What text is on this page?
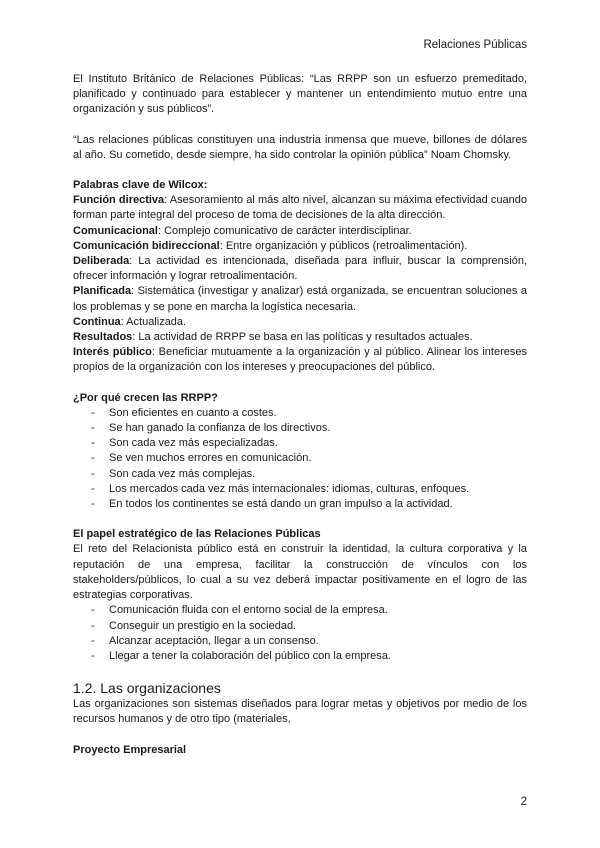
Relaciones Públicas

El Instituto Británico de Relaciones Públicas: “Las RRPP son un esfuerzo premeditado, planificado y continuado para establecer y mantener un entendimiento mutuo entre una organización y sus públicos”.

“Las relaciones públicas constituyen una industria inmensa que mueve, billones de dólares al año. Su cometido, desde siempre, ha sido controlar la opinión pública” Noam Chomsky.

Palabras clave de Wilcox:

Función directiva: Asesoramiento al más alto nivel, alcanzan su máxima efectividad cuando forman parte integral del proceso de toma de decisiones de la alta dirección.

Comunicacional: Complejo comunicativo de carácter interdisciplinar.

Comunicación bidireccional: Entre organización y públicos (retroalimentación).

Deliberada: La actividad es intencionada, diseñada para influir, buscar la comprensión, ofrecer información y lograr retroalimentación.

Planificada: Sistemática (investigar y analizar) está organizada, se encuentran soluciones a los problemas y se pone en marcha la logística necesaria.

Continua: Actualizada.

Resultados: La actividad de RRPP se basa en las políticas y resultados actuales.

Interés público: Beneficiar mutuamente a la organización y al público. Alinear los intereses propios de la organización con los intereses y preocupaciones del público.

¿Por qué crecen las RRPP?

- Son eficientes en cuanto a costes.
- Se han ganado la confianza de los directivos.
- Son cada vez más especializadas.
- Se ven muchos errores en comunicación.
- Son cada vez más complejas.
- Los mercados cada vez más internacionales: idiomas, culturas, enfoques.
- En todos los continentes se está dando un gran impulso a la actividad.

El papel estratégico de las Relaciones Públicas

El reto del Relacionista público está en construir la identidad, la cultura corporativa y la reputación de una empresa, facilitar la construcción de vínculos con los stakeholders/públicos, lo cual a su vez deberá impactar positivamente en el logro de las estrategias corporativas.

- Comunicación fluida con el entorno social de la empresa.
- Conseguir un prestigio en la sociedad.
- Alcanzar aceptación, llegar a un consenso.
- Llegar a tener la colaboración del público con la empresa.
1.2. Las organizaciones

Las organizaciones son sistemas diseñados para lograr metas y objetivos por medio de los recursos humanos y de otro tipo (materiales,

Proyecto Empresarial

2
